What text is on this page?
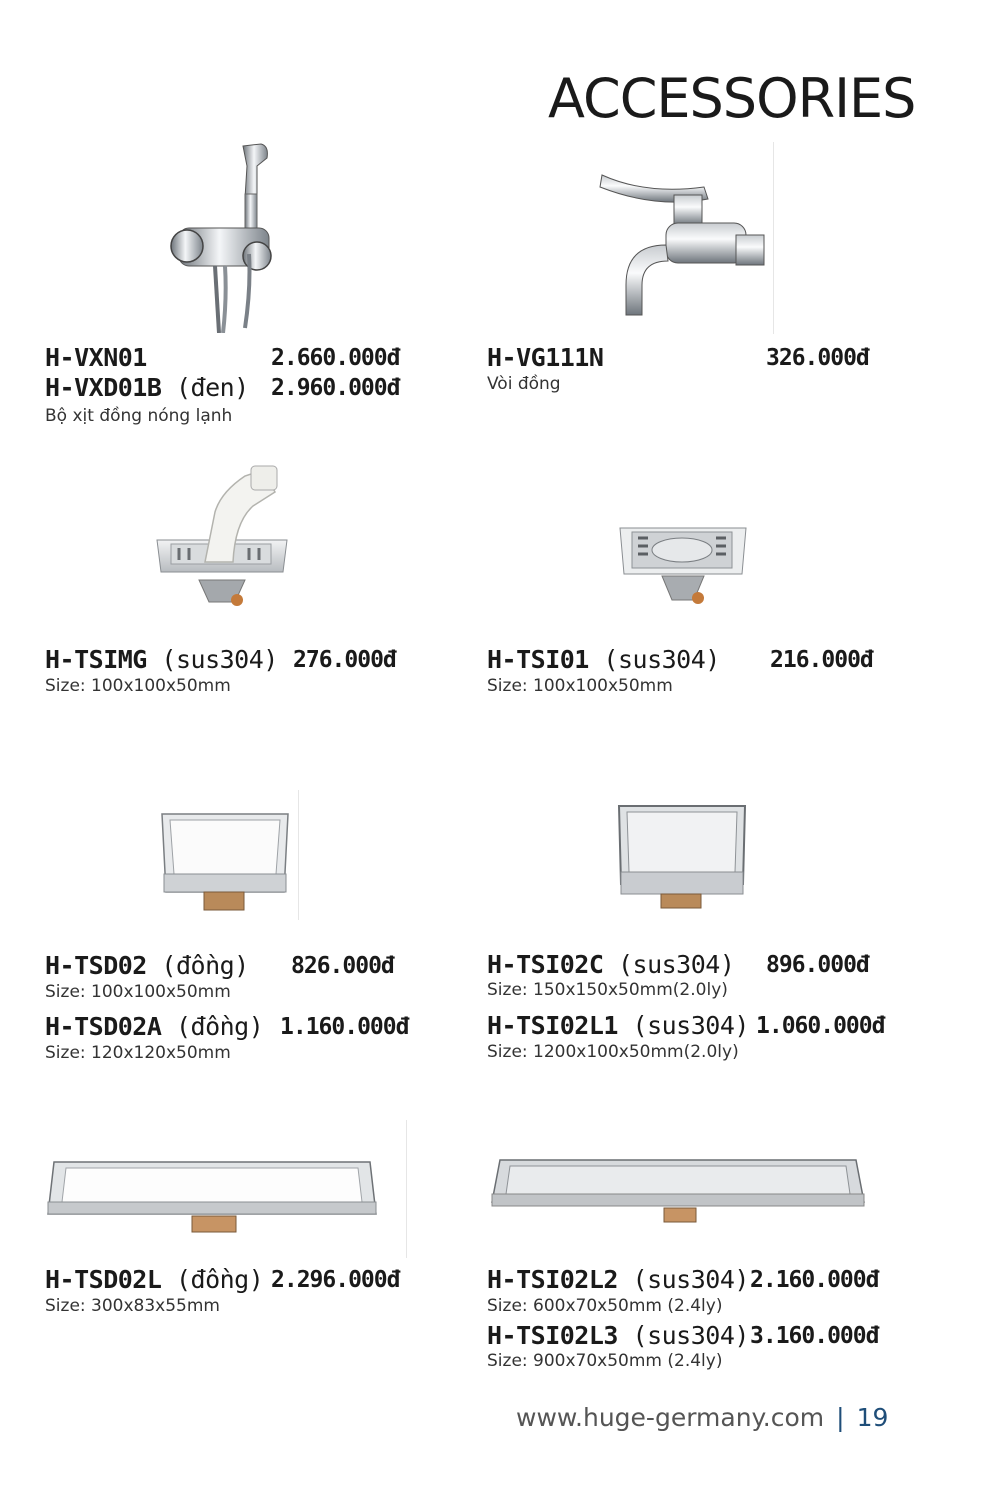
ACCESSORIES
H-VXN01	2.660.000đ
H-VXD01B (đen) 2.960.000đ
Bộ xịt đồng nóng lạnh
H-VG111N	326.000đ
Vòi đồng
H-TSIMG (sus304) 276.000đ
Size: 100x100x50mm
H-TSI01 (sus304) 216.000đ
Size: 100x100x50mm
H-TSD02 (đồng) 826.000đ
Size: 100x100x50mm
H-TSD02A (đồng) 1.160.000đ
Size: 120x120x50mm
H-TSI02C (sus304) 896.000đ
Size: 150x150x50mm(2.0ly)
H-TSI02L1 (sus304) 1.060.000đ
Size: 1200x100x50mm(2.0ly)
H-TSD02L (đồng) 2.296.000đ
Size: 300x83x55mm
H-TSI02L2 (sus304) 2.160.000đ
Size: 600x70x50mm (2.4ly)
H-TSI02L3 (sus304) 3.160.000đ
Size: 900x70x50mm (2.4ly)
www.huge-germany.com | 19
